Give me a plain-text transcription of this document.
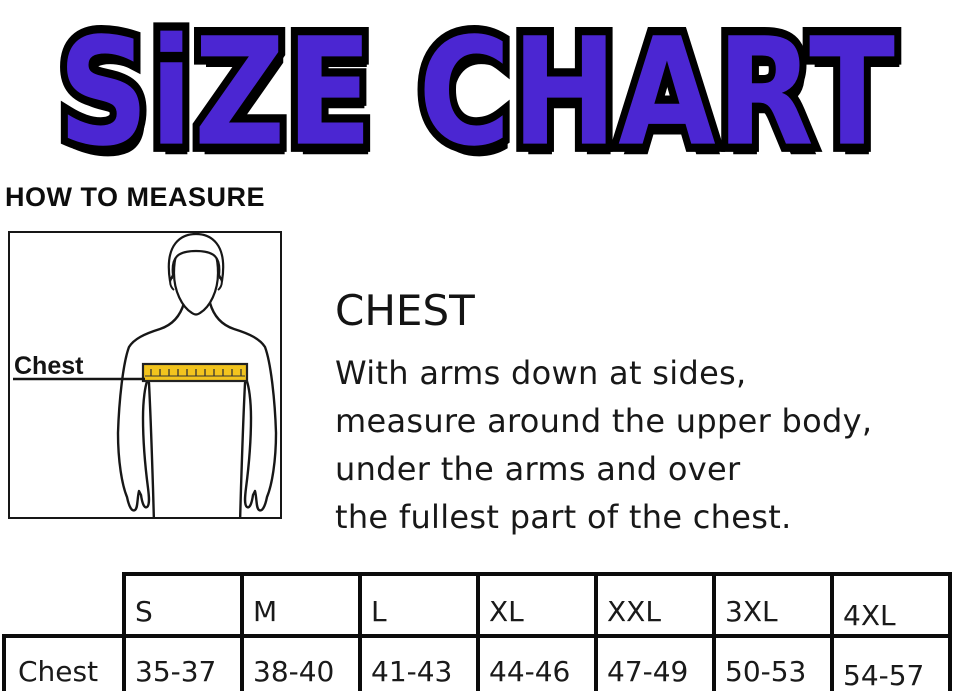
SiZE CHART SiZE CHART
HOW TO MEASURE
Chest
CHEST
With arms down at sides,
measure around the upper body,
under the arms and over
the fullest part of the chest.
	S	M	L	XL	XXL	3XL	4XL
Chest	35-37	38-40	41-43	44-46	47-49	50-53	54-57
